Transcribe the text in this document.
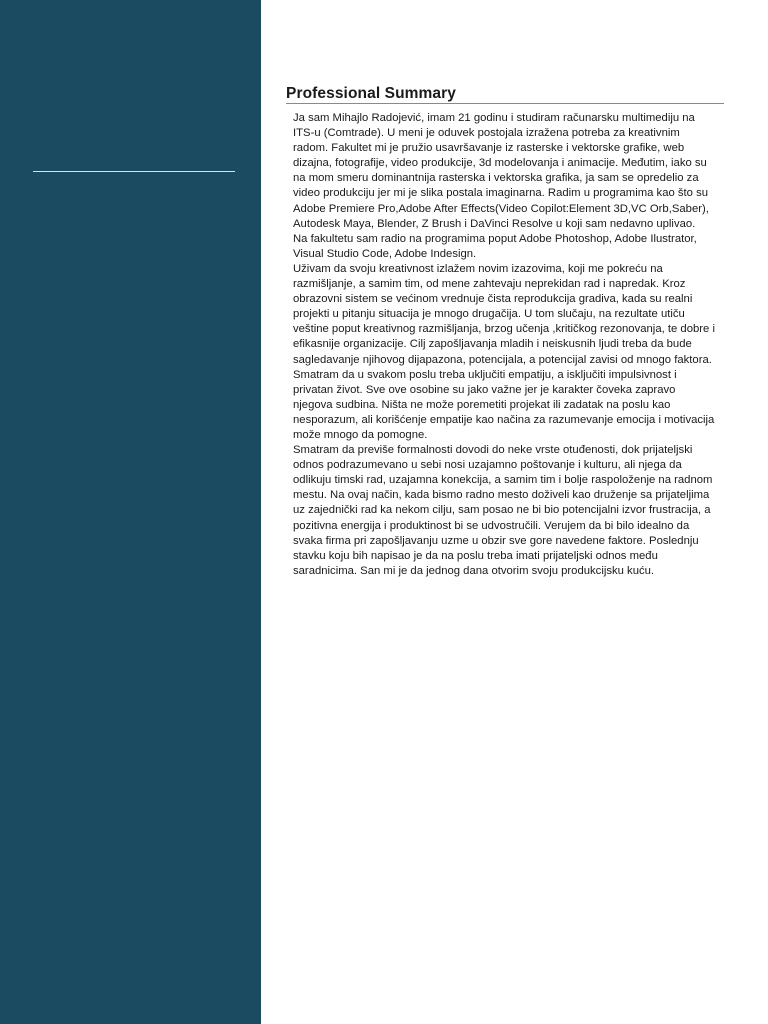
Professional Summary

Ja sam Mihajlo Radojević, imam 21 godinu i studiram računarsku multimediju na ITS-u (Comtrade). U meni je oduvek postojala izražena potreba za kreativnim radom. Fakultet mi je pružio usavršavanje iz rasterske i vektorske grafike, web dizajna, fotografije, video produkcije, 3d modelovanja i animacije. Međutim, iako su na mom smeru dominantnija rasterska i vektorska grafika, ja sam se opredelio za video produkciju jer mi je slika postala imaginarna. Radim u programima kao što su Adobe Premiere Pro,Adobe After Effects(Video Copilot:Element 3D,VC Orb,Saber), Autodesk Maya, Blender, Z Brush i DaVinci Resolve u koji sam nedavno uplivao.

Na fakultetu sam radio na programima poput Adobe Photoshop, Adobe Ilustrator, Visual Studio Code, Adobe Indesign.

Uživam da svoju kreativnost izlažem novim izazovima, koji me pokreću na razmišljanje, a samim tim, od mene zahtevaju neprekidan rad i napredak. Kroz obrazovni sistem se većinom vrednuje čista reprodukcija gradiva, kada su realni projekti u pitanju situacija je mnogo drugačija. U tom slučaju, na rezultate utiču veštine poput kreativnog razmišljanja, brzog učenja ,kritičkog rezonovanja, te dobre i efikasnije organizacije. Cilj zapošljavanja mladih i neiskusnih ljudi treba da bude sagledavanje njihovog dijapazona, potencijala, a potencijal zavisi od mnogo faktora. Smatram da u svakom poslu treba uključiti empatiju, a isključiti impulsivnost i privatan život. Sve ove osobine su jako važne jer je karakter čoveka zapravo njegova sudbina. Ništa ne može poremetiti projekat ili zadatak na poslu kao nesporazum, ali korišćenje empatije kao načina za razumevanje emocija i motivacija može mnogo da pomogne.

Smatram da previše formalnosti dovodi do neke vrste otuđenosti, dok prijateljski odnos podrazumevano u sebi nosi uzajamno poštovanje i kulturu, ali njega da odlikuju timski rad, uzajamna konekcija, a samim tim i bolje raspoloženje na radnom mestu. Na ovaj način, kada bismo radno mesto doživeli kao druženje sa prijateljima uz zajednički rad ka nekom cilju, sam posao ne bi bio potencijalni izvor frustracija, a pozitivna energija i produktinost bi se udvostručili. Verujem da bi bilo idealno da svaka firma pri zapošljavanju uzme u obzir sve gore navedene faktore. Poslednju stavku koju bih napisao je da na poslu treba imati prijateljski odnos među saradnicima. San mi je da jednog dana otvorim svoju produkcijsku kuću.
